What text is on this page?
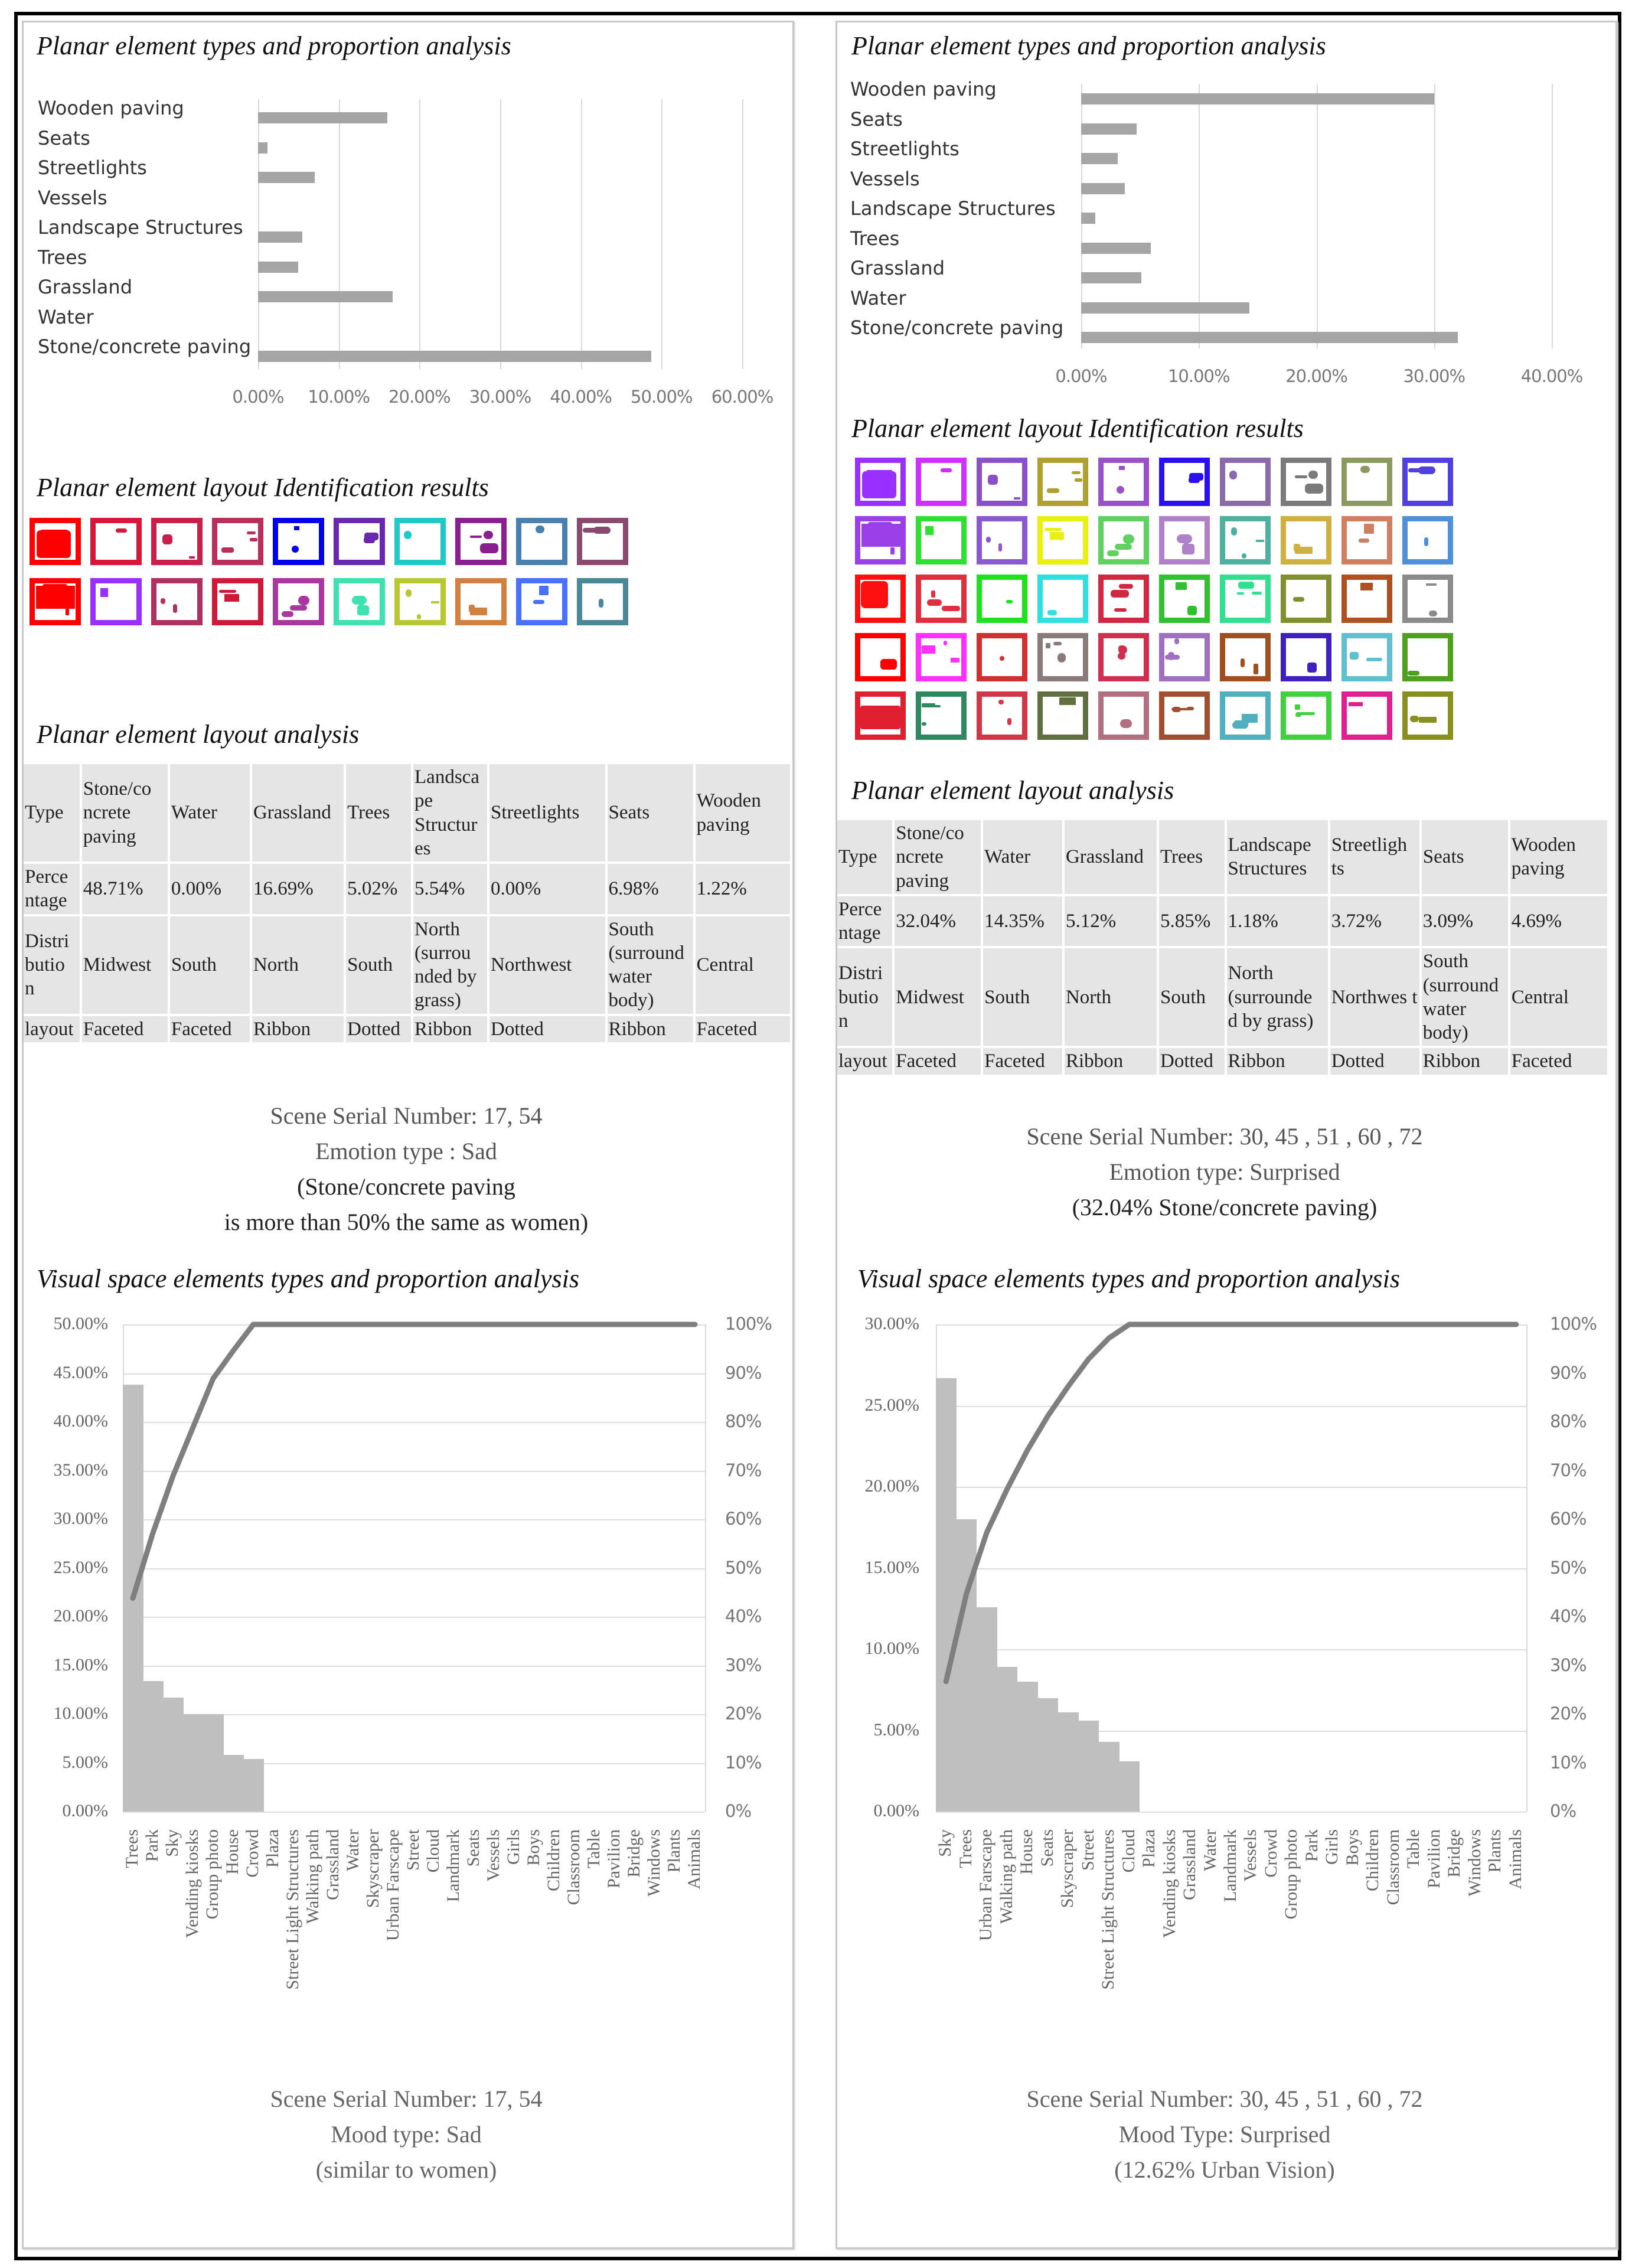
Planar element types and proportion analysis
Planar element layout Identification results
Planar element layout analysis
Visual space elements types and proportion analysis
Planar element types and proportion analysis
Planar element layout Identification results
Planar element layout analysis
Visual space elements types and proportion analysis
0.00% 10.00% 20.00% 30.00% 40.00% 50.00% 60.00%
Wooden paving
Seats
Streetlights
Vessels
Landscape Structures
Trees
Grassland
Water
Stone/concrete paving
0.00%	10.00%	20.00%	30.00%	40.00%
Wooden paving
Seats
Streetlights
Vessels
Landscape Structures
Trees
Grassland
Water
Stone/concrete paving
Type	Stone/co ncrete paving	Water	Grassland	Trees	Landsca pe Structur es	Streetlights	Seats	Wooden paving
Perce ntage	48.71%	0.00%	16.69%	5.02%	5.54%	0.00%	6.98%	1.22%
Distri butio n	Midwest	South	North	South	North (surrou nded by grass)	Northwest	South (surround water body)	Central
layout	Faceted	Faceted	Ribbon	Dotted	Ribbon	Dotted	Ribbon	Faceted
Type	Stone/co ncrete paving	Water	Grassland	Trees	Landscape Structures	Streetligh ts	Seats	Wooden paving
Perce ntage	32.04%	14.35%	5.12%	5.85%	1.18%	3.72%	3.09%	4.69%
Distri butio n	Midwest	South	North	South	North (surrounde d by grass)	Northwes t	South (surround water body)	Central
layout	Faceted	Faceted	Ribbon	Dotted	Ribbon	Dotted	Ribbon	Faceted
Scene Serial Number: 17, 54
Emotion type : Sad
(Stone/concrete paving
is more than 50% the same as women)
Scene Serial Number: 30, 45 , 51 , 60 , 72
Emotion type: Surprised
(32.04% Stone/concrete paving)
0.00%
5.00%
10.00%
15.00%
20.00%
25.00%
30.00%
35.00%
40.00%
45.00%
50.00%
0%
10%
20%
30%
40%
50%
60%
70%
80%
90%
100%
Trees Park Sky Vending kiosks Group photo House Crowd Plaza Street Light Structures Walking path Grassland Water Skyscraper Urban Farscape Street Cloud Landmark Seats Vessels Girls Boys Children Classroom Table Pavilion Bridge Windows Plants Animals
0.00%
5.00%
10.00%
15.00%
20.00%
25.00%
30.00%
0%
10%
20%
30%
40%
50%
60%
70%
80%
90%
100%
Sky Trees Urban Farscape Walking path House Seats Skyscraper Street Street Light Structures Cloud Plaza Vending kiosks Grassland Water Landmark Vessels Crowd Group photo Park Girls Boys Children Classroom Table Pavilion Bridge Windows Plants Animals
Scene Serial Number: 17, 54
Mood type: Sad
(similar to women)
Scene Serial Number: 30, 45 , 51 , 60 , 72
Mood Type: Surprised
(12.62% Urban Vision)
